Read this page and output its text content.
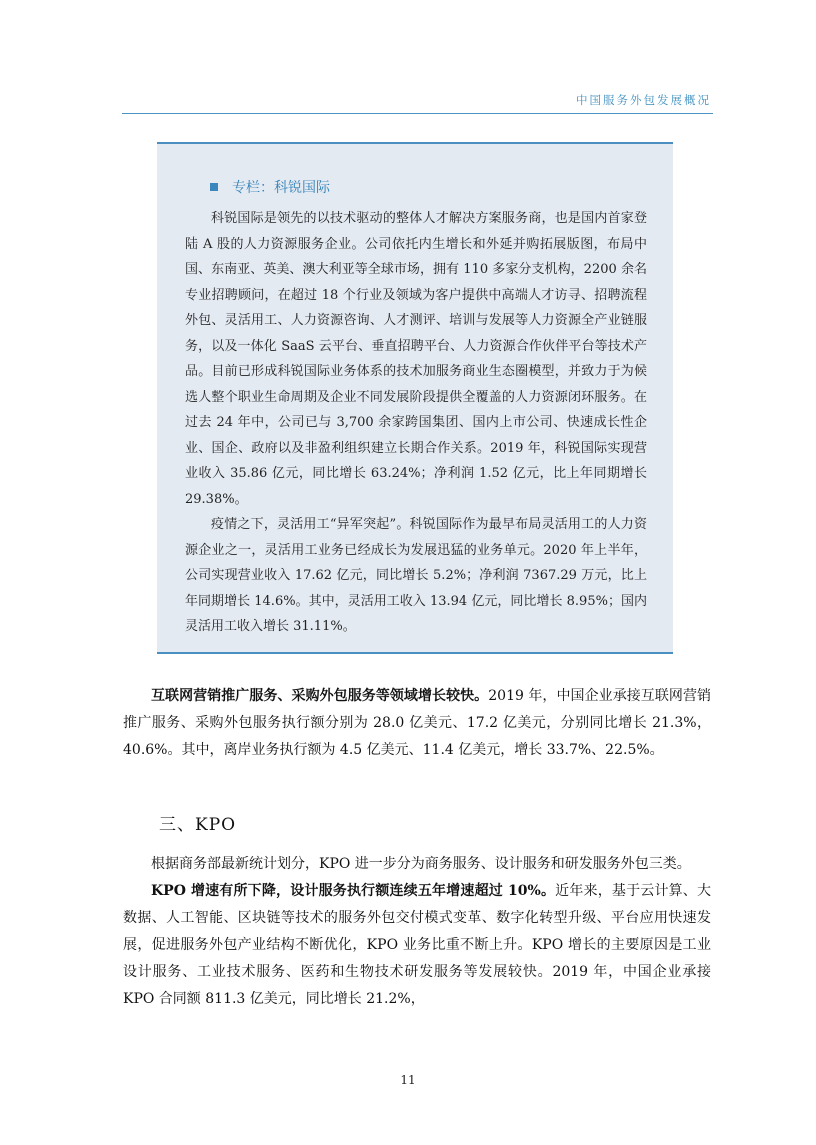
中国服务外包发展概况
专栏：科锐国际

科锐国际是领先的以技术驱动的整体人才解决方案服务商，也是国内首家登陆 A 股的人力资源服务企业。公司依托内生增长和外延并购拓展版图，布局中国、东南亚、英美、澳大利亚等全球市场，拥有 110 多家分支机构，2200 余名专业招聘顾问，在超过 18 个行业及领域为客户提供中高端人才访寻、招聘流程外包、灵活用工、人力资源咨询、人才测评、培训与发展等人力资源全产业链服务，以及一体化 SaaS 云平台、垂直招聘平台、人力资源合作伙伴平台等技术产品。目前已形成科锐国际业务体系的技术加服务商业生态圈模型，并致力于为候选人整个职业生命周期及企业不同发展阶段提供全覆盖的人力资源闭环服务。在过去 24 年中，公司已与 3,700 余家跨国集团、国内上市公司、快速成长性企业、国企、政府以及非盈利组织建立长期合作关系。2019 年，科锐国际实现营业收入 35.86 亿元，同比增长 63.24%；净利润 1.52 亿元，比上年同期增长 29.38%。

疫情之下，灵活用工“异军突起”。科锐国际作为最早布局灵活用工的人力资源企业之一，灵活用工业务已经成长为发展迅猛的业务单元。2020 年上半年，公司实现营业收入 17.62 亿元，同比增长 5.2%；净利润 7367.29 万元，比上年同期增长 14.6%。其中，灵活用工收入 13.94 亿元，同比增长 8.95%；国内灵活用工收入增长 31.11%。

互联网营销推广服务、采购外包服务等领域增长较快。2019 年，中国企业承接互联网营销推广服务、采购外包服务执行额分别为 28.0 亿美元、17.2 亿美元，分别同比增长 21.3%，40.6%。其中，离岸业务执行额为 4.5 亿美元、11.4 亿美元，增长 33.7%、22.5%。

三、KPO

根据商务部最新统计划分，KPO 进一步分为商务服务、设计服务和研发服务外包三类。

KPO 增速有所下降，设计服务执行额连续五年增速超过 10%。近年来，基于云计算、大数据、人工智能、区块链等技术的服务外包交付模式变革、数字化转型升级、平台应用快速发展，促进服务外包产业结构不断优化，KPO 业务比重不断上升。KPO 增长的主要原因是工业设计服务、工业技术服务、医药和生物技术研发服务等发展较快。2019 年，中国企业承接 KPO 合同额 811.3 亿美元，同比增长 21.2%，

11
